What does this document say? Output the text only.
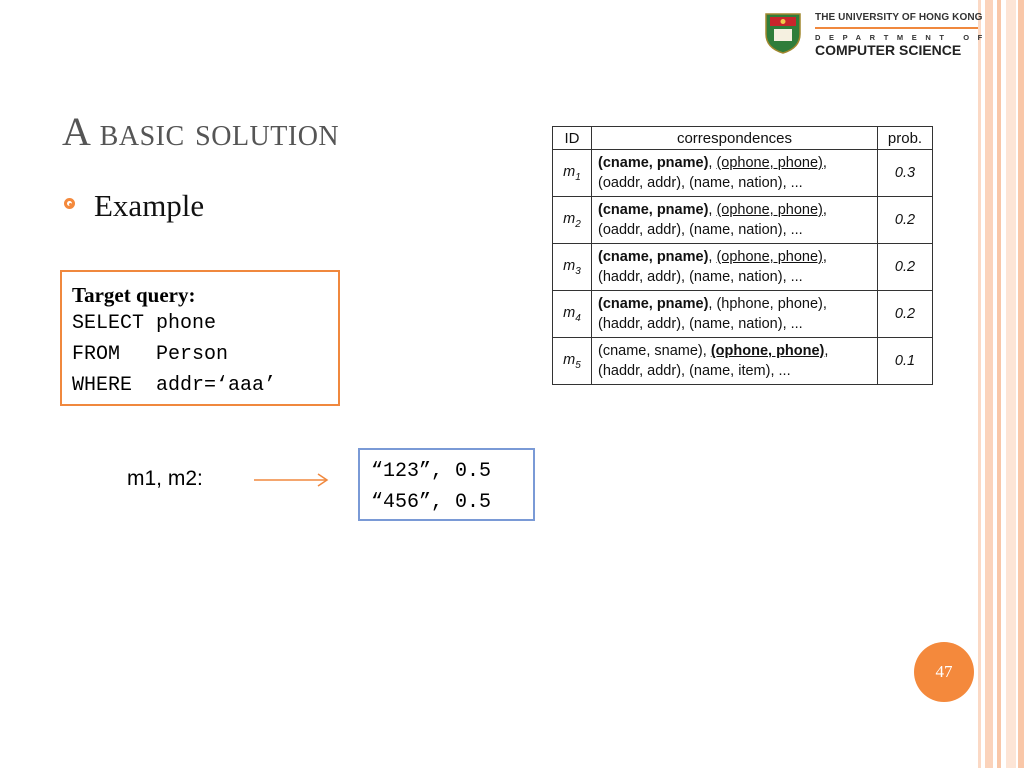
THE UNIVERSITY OF HONG KONG
DEPARTMENT OF
COMPUTER SCIENCE
A basic solution
Example
Target query:
SELECT phone
FROM   Person
WHERE  addr=‘aaa’
m1, m2:	“123”, 0.5
“456”, 0.5
ID	correspondences	prob.
$m_1$	(cname, pname), (ophone, phone),
(oaddr, addr), (name, nation), ...	0.3
$m_2$	(cname, pname), (ophone, phone),
(oaddr, addr), (name, nation), ...	0.2
$m_3$	(cname, pname), (ophone, phone),
(haddr, addr), (name, nation), ...	0.2
$m_4$	(cname, pname), (hphone, phone),
(haddr, addr), (name, nation), ...	0.2
$m_5$	(cname, sname), (ophone, phone),
(haddr, addr), (name, item), ...	0.1
47
